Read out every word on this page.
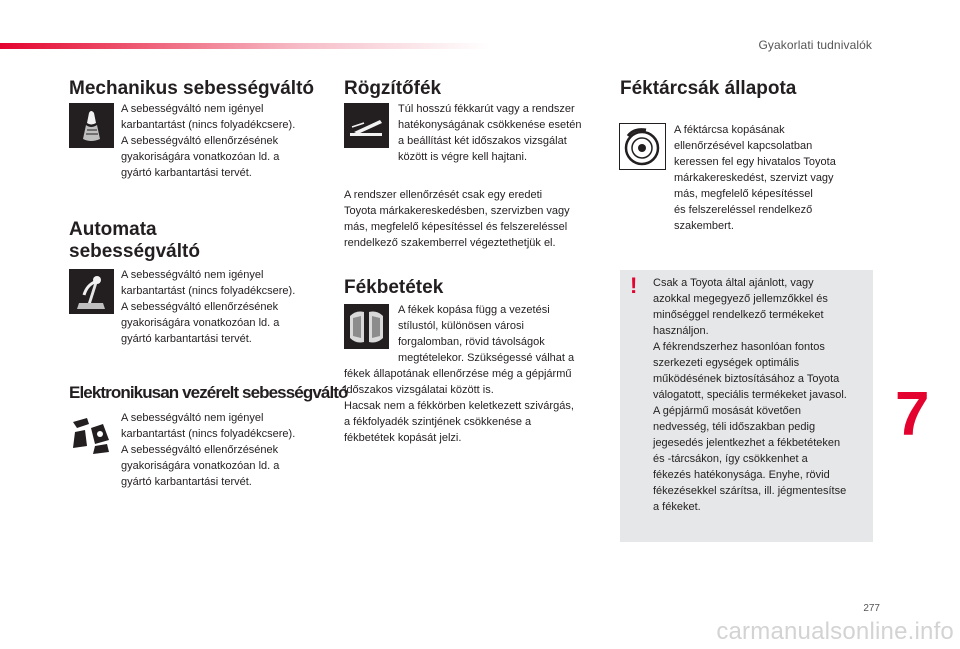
Gyakorlati tudnivalók
Mechanikus sebességváltó
A sebességváltó nem igényel
karbantartást (nincs folyadékcsere).
A sebességváltó ellenőrzésének
gyakoriságára vonatkozóan ld. a
gyártó karbantartási tervét.
Automata
sebességváltó
A sebességváltó nem igényel
karbantartást (nincs folyadékcsere).
A sebességváltó ellenőrzésének
gyakoriságára vonatkozóan ld. a
gyártó karbantartási tervét.
Elektronikusan vezérelt sebességváltó
A sebességváltó nem igényel
karbantartást (nincs folyadékcsere).
A sebességváltó ellenőrzésének
gyakoriságára vonatkozóan ld. a
gyártó karbantartási tervét.
Rögzítőfék
Túl hosszú fékkarút vagy a rendszer
hatékonyságának csökkenése esetén
a beállítást két időszakos vizsgálat
között is végre kell hajtani.
A rendszer ellenőrzését csak egy eredeti
Toyota márkakereskedésben, szervizben vagy
más, megfelelő képesítéssel és felszereléssel
rendelkező szakemberrel végeztethetjük el.
Fékbetétek
A fékek kopása függ a vezetési
stílustól, különösen városi
forgalomban, rövid távolságok
megtételekor. Szükségessé válhat a
fékek állapotának ellenőrzése még a gépjármű
időszakos vizsgálatai között is.
Hacsak nem a fékkörben keletkezett szivárgás,
a fékfolyadék szintjének csökkenése a
fékbetétek kopását jelzi.
Féktárcsák állapota
A féktárcsa kopásának
ellenőrzésével kapcsolatban
keressen fel egy hivatalos Toyota
márkakereskedést, szervizt vagy
más, megfelelő képesítéssel
és felszereléssel rendelkező
szakembert.
!	Csak a Toyota által ajánlott, vagy
azokkal megegyező jellemzőkkel és
minőséggel rendelkező termékeket
használjon.
A fékrendszerhez hasonlóan fontos
szerkezeti egységek optimális
működésének biztosításához a Toyota
válogatott, speciális termékeket javasol.
A gépjármű mosását követően
nedvesség, téli időszakban pedig
jegesedés jelentkezhet a fékbetéteken
és -tárcsákon, így csökkenhet a
fékezés hatékonysága. Enyhe, rövid
fékezésekkel szárítsa, ill. jégmentesítse
a fékeket.
7
277
carmanualsonline.info
